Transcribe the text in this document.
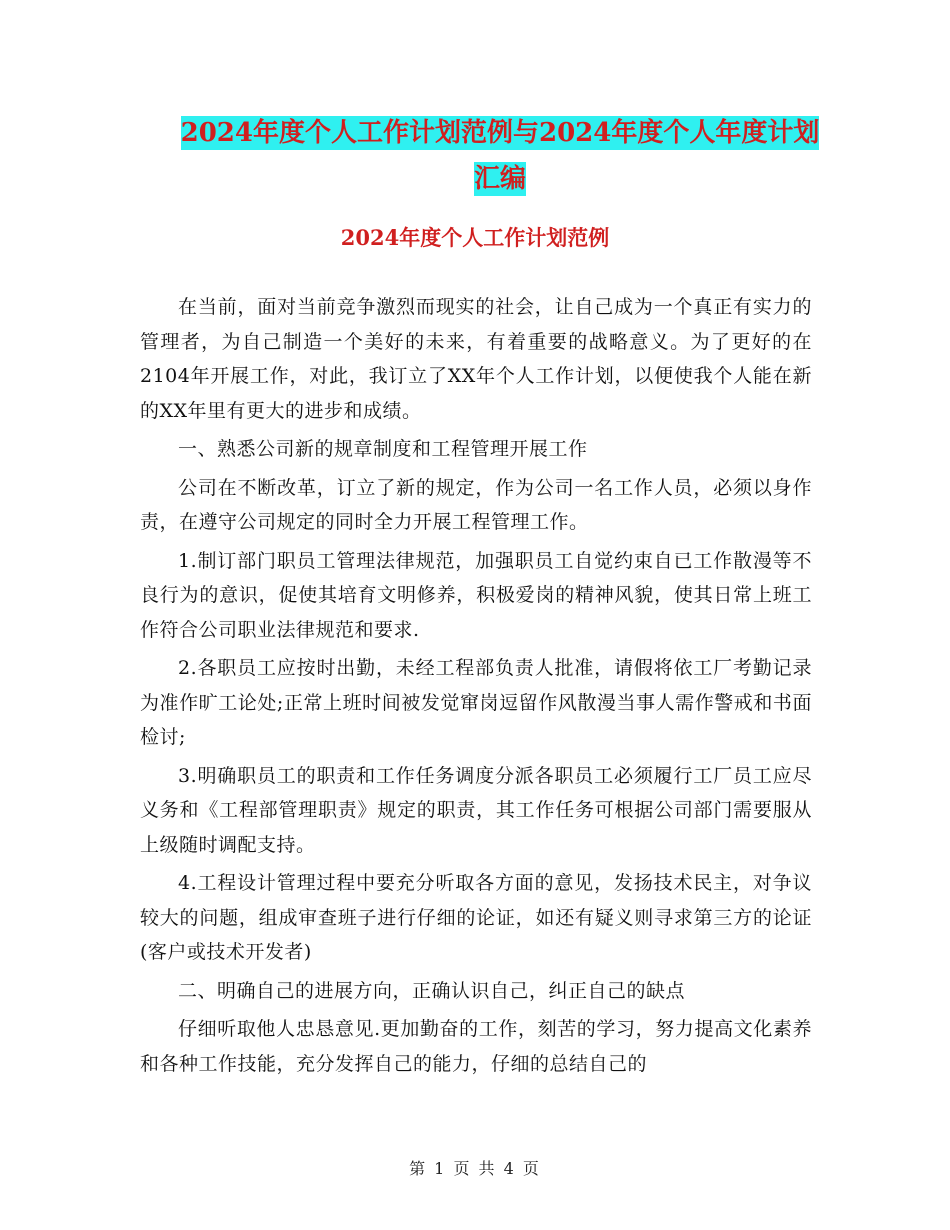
2024年度个人工作计划范例与2024年度个人年度计划
汇编
2024年度个人工作计划范例

在当前，面对当前竞争激烈而现实的社会，让自己成为一个真正有实力的管理者，为自己制造一个美好的未来，有着重要的战略意义。为了更好的在2104年开展工作，对此，我订立了XX年个人工作计划，以便使我个人能在新的XX年里有更大的进步和成绩。

一、熟悉公司新的规章制度和工程管理开展工作

公司在不断改革，订立了新的规定，作为公司一名工作人员，必须以身作责，在遵守公司规定的同时全力开展工程管理工作。

1.制订部门职员工管理法律规范，加强职员工自觉约束自已工作散漫等不良行为的意识，促使其培育文明修养，积极爱岗的精神风貌，使其日常上班工作符合公司职业法律规范和要求.

2.各职员工应按时出勤，未经工程部负责人批准，请假将依工厂考勤记录为准作旷工论处;正常上班时间被发觉窜岗逗留作风散漫当事人需作警戒和书面检讨;

3.明确职员工的职责和工作任务调度分派各职员工必须履行工厂员工应尽义务和《工程部管理职责》规定的职责，其工作任务可根据公司部门需要服从上级随时调配支持。

4.工程设计管理过程中要充分听取各方面的意见，发扬技术民主，对争议较大的问题，组成审查班子进行仔细的论证，如还有疑义则寻求第三方的论证(客户或技术开发者)

二、明确自己的进展方向，正确认识自己，纠正自己的缺点

仔细听取他人忠恳意见.更加勤奋的工作，刻苦的学习，努力提高文化素养和各种工作技能，充分发挥自己的能力，仔细的总结自己的

第 1 页 共 4 页
